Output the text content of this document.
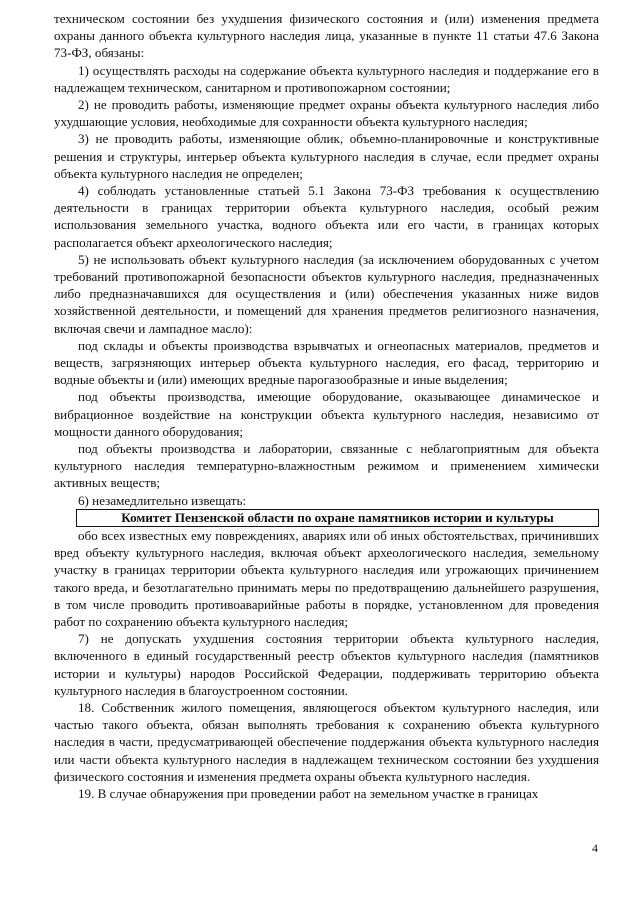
техническом состоянии без ухудшения физического состояния и (или) изменения предмета охраны данного объекта культурного наследия лица, указанные в пункте 11 статьи 47.6 Закона 73-ФЗ, обязаны:

1) осуществлять расходы на содержание объекта культурного наследия и поддержание его в надлежащем техническом, санитарном и противопожарном состоянии;

2) не проводить работы, изменяющие предмет охраны объекта культурного наследия либо ухудшающие условия, необходимые для сохранности объекта культурного наследия;

3) не проводить работы, изменяющие облик, объемно-планировочные и конструктивные решения и структуры, интерьер объекта культурного наследия в случае, если предмет охраны объекта культурного наследия не определен;

4) соблюдать установленные статьей 5.1 Закона 73-ФЗ требования к осуществлению деятельности в границах территории объекта культурного наследия, особый режим использования земельного участка, водного объекта или его части, в границах которых располагается объект археологического наследия;

5) не использовать объект культурного наследия (за исключением оборудованных с учетом требований противопожарной безопасности объектов культурного наследия, предназначенных либо предназначавшихся для осуществления и (или) обеспечения указанных ниже видов хозяйственной деятельности, и помещений для хранения предметов религиозного назначения, включая свечи и лампадное масло):

под склады и объекты производства взрывчатых и огнеопасных материалов, предметов и веществ, загрязняющих интерьер объекта культурного наследия, его фасад, территорию и водные объекты и (или) имеющих вредные парогазообразные и иные выделения;

под объекты производства, имеющие оборудование, оказывающее динамическое и вибрационное воздействие на конструкции объекта культурного наследия, независимо от мощности данного оборудования;

под объекты производства и лаборатории, связанные с неблагоприятным для объекта культурного наследия температурно-влажностным режимом и применением химически активных веществ;

6) незамедлительно извещать:

Комитет Пензенской области по охране памятников истории и культуры

обо всех известных ему повреждениях, авариях или об иных обстоятельствах, причинивших вред объекту культурного наследия, включая объект археологического наследия, земельному участку в границах территории объекта культурного наследия или угрожающих причинением такого вреда, и безотлагательно принимать меры по предотвращению дальнейшего разрушения, в том числе проводить противоаварийные работы в порядке, установленном для проведения работ по сохранению объекта культурного наследия;

7) не допускать ухудшения состояния территории объекта культурного наследия, включенного в единый государственный реестр объектов культурного наследия (памятников истории и культуры) народов Российской Федерации, поддерживать территорию объекта культурного наследия в благоустроенном состоянии.

18. Собственник жилого помещения, являющегося объектом культурного наследия, или частью такого объекта, обязан выполнять требования к сохранению объекта культурного наследия в части, предусматривающей обеспечение поддержания объекта культурного наследия или части объекта культурного наследия в надлежащем техническом состоянии без ухудшения физического состояния и изменения предмета охраны объекта культурного наследия.

19. В случае обнаружения при проведении работ на земельном участке в границах

4
